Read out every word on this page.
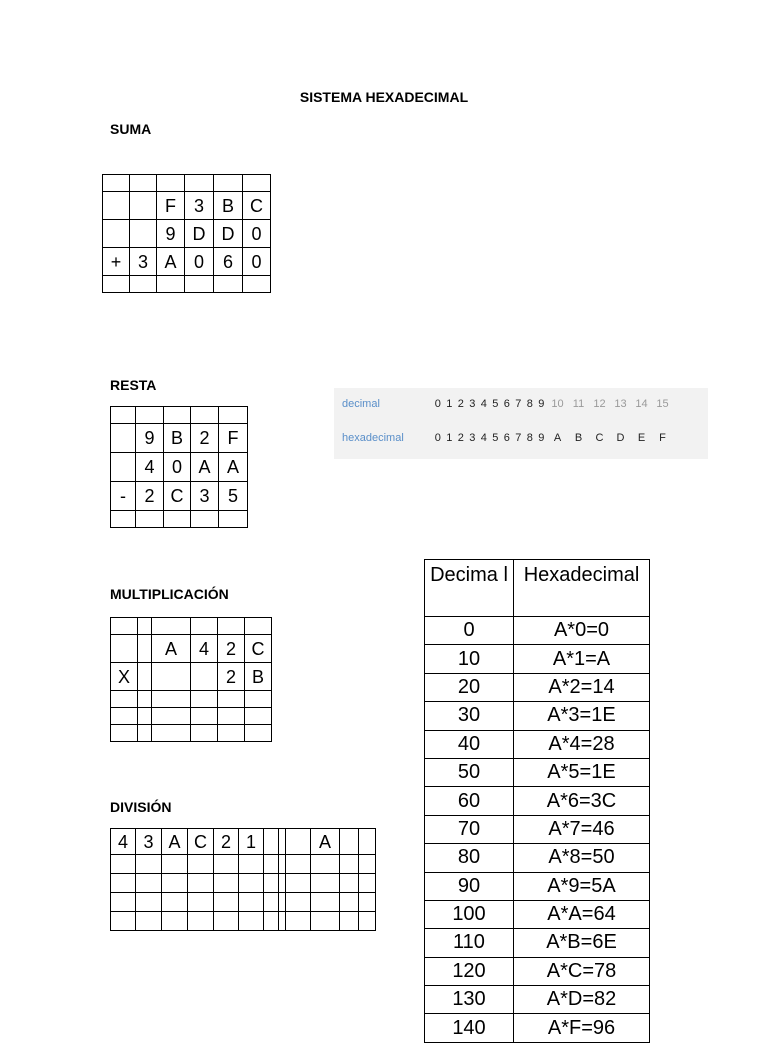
SISTEMA HEXADECIMAL
SUMA

		F	3	B	C
		9	D	D	0
+	3	A	0	6	0

RESTA

	9	B	2	F
	4	0	A	A
-	2	C	3	5

decimal	0 1 2 3 4 5 6 7 8 9 10 11 12 13 14 15
hexadecimal	0 1 2 3 4 5 6 7 8 9 A	B	C	D	E	F
MULTIPLICACIÓN

		A	4	2	C
X				2	B

DIVISIÓN
4	3	A	C	2	1				A		

Decima l	Hexadecimal
0	A*0=0
10	A*1=A
20	A*2=14
30	A*3=1E
40	A*4=28
50	A*5=1E
60	A*6=3C
70	A*7=46
80	A*8=50
90	A*9=5A
100	A*A=64
110	A*B=6E
120	A*C=78
130	A*D=82
140	A*F=96
